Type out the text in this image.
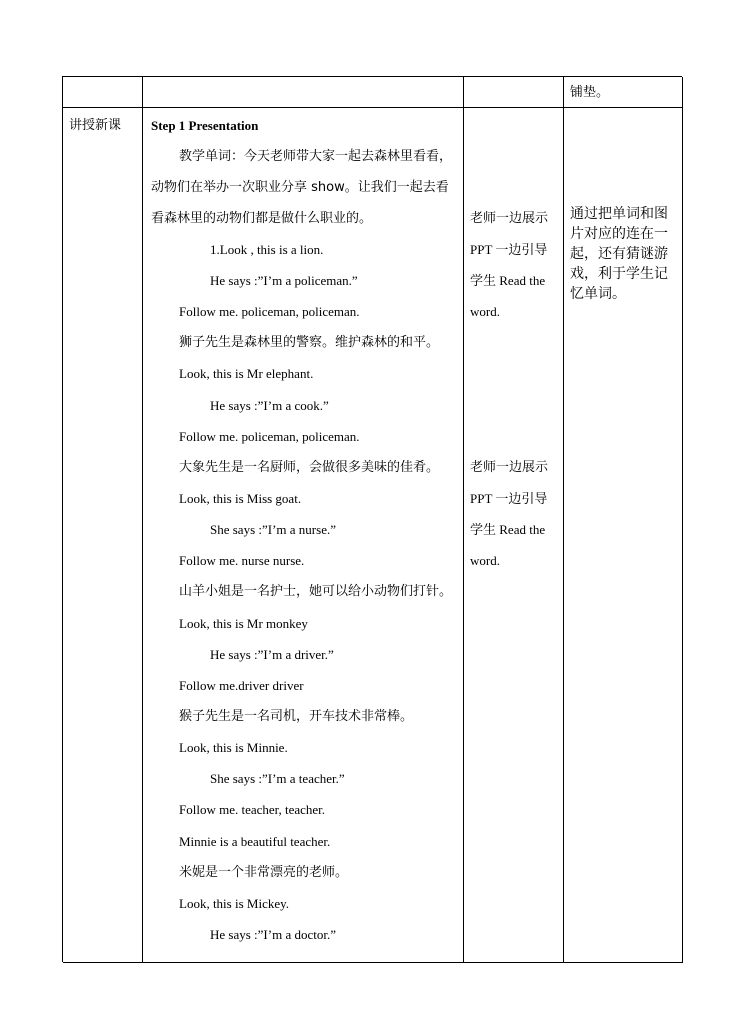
铺垫。
讲授新课 Step 1 Presentation
教学单词：今天老师带大家一起去森林里看看，
动物们在举办一次职业分享 show。让我们一起去看
看森林里的动物们都是做什么职业的。
1.Look , this is a lion.
He says :”I’m a policeman.”
Follow me. policeman, policeman.
狮子先生是森林里的警察。维护森林的和平。
Look, this is Mr elephant.
He says :”I’m a cook.”
Follow me. policeman, policeman.
大象先生是一名厨师，会做很多美味的佳肴。
Look, this is Miss goat.
She says :”I’m a nurse.”
Follow me. nurse nurse.
山羊小姐是一名护士，她可以给小动物们打针。
Look, this is Mr monkey
He says :”I’m a driver.”
Follow me.driver driver
猴子先生是一名司机，开车技术非常棒。
Look, this is Minnie.
She says :”I’m a teacher.”
Follow me. teacher, teacher.
Minnie is a beautiful teacher.
米妮是一个非常漂亮的老师。
Look, this is Mickey.
He says :”I’m a doctor.”
老师一边展示
PPT 一边引导
学生 Read the
word.
老师一边展示
PPT 一边引导
学生 Read the
word.
通过把单词和图片对应的连在一起，还有猜谜游戏，利于学生记忆单词。
